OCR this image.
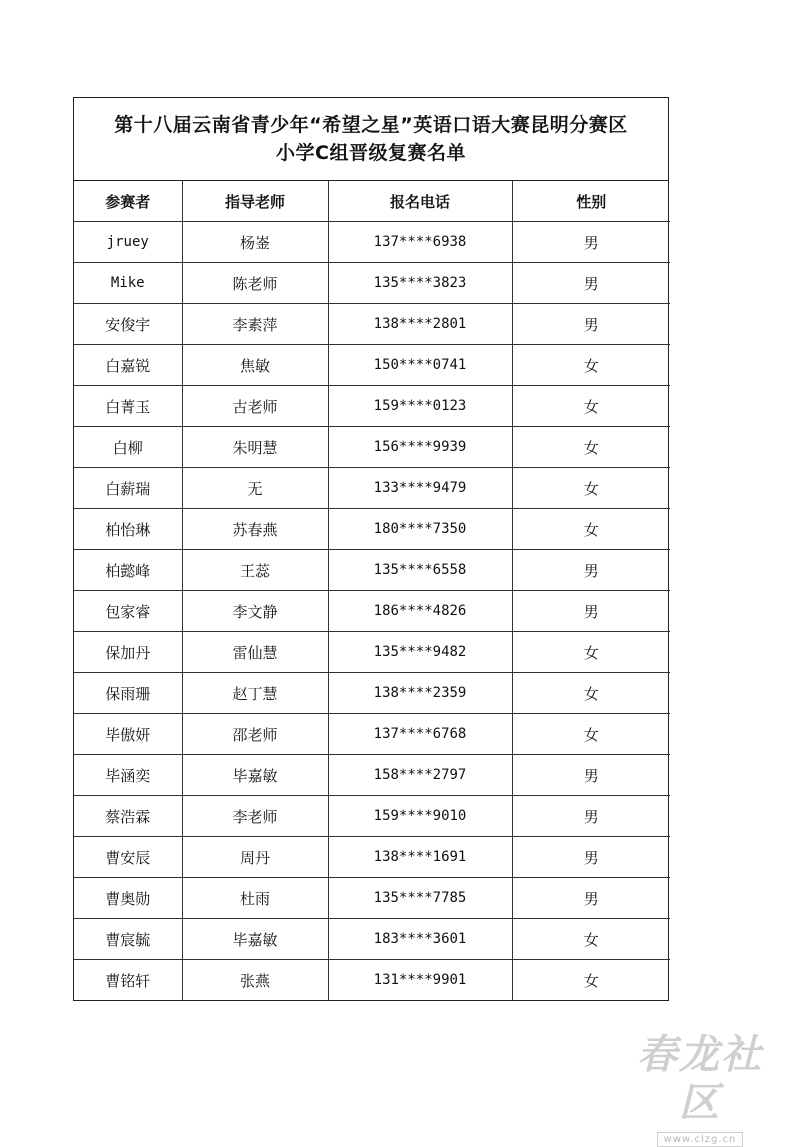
第十八届云南省青少年“希望之星”英语口语大赛昆明分赛区
小学C组晋级复赛名单
参赛者	指导老师	报名电话	性别
jruey	杨崟	137****6938	男
Mike	陈老师	135****3823	男
安俊宇	李素萍	138****2801	男
白嘉锐	焦敏	150****0741	女
白菁玉	古老师	159****0123	女
白柳	朱明慧	156****9939	女
白薪瑞	无	133****9479	女
柏怡琳	苏春燕	180****7350	女
柏懿峰	王蕊	135****6558	男
包家睿	李文静	186****4826	男
保加丹	雷仙慧	135****9482	女
保雨珊	赵丁慧	138****2359	女
毕傲妍	邵老师	137****6768	女
毕涵奕	毕嘉敏	158****2797	男
蔡浩霖	李老师	159****9010	男
曹安辰	周丹	138****1691	男
曹奥勋	杜雨	135****7785	男
曹宸毓	毕嘉敏	183****3601	女
曹铭轩	张燕	131****9901	女
春龙社区
www.clzg.cn
